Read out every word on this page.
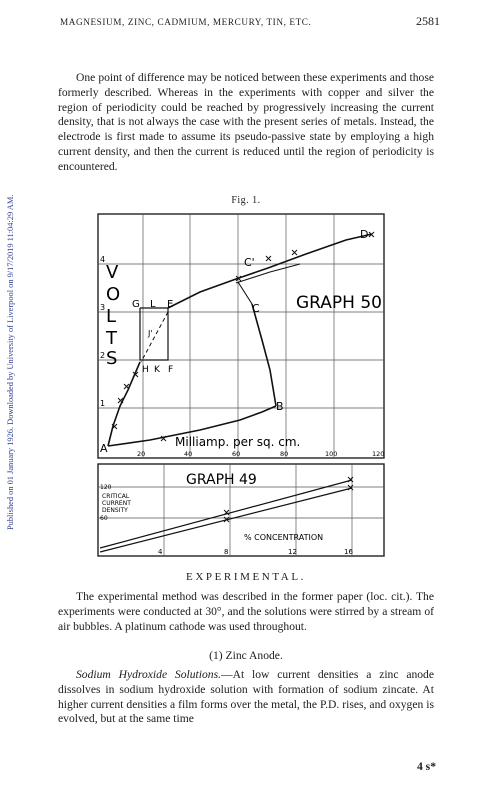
Published on 01 January 1926. Downloaded by University of Liverpool on 9/17/2019 11:04:29 AM.
MAGNESIUM, ZINC, CADMIUM, MERCURY, TIN, ETC.	2581

One point of difference may be noticed between these experiments and those formerly described. Whereas in the experiments with copper and silver the region of periodicity could be reached by progressively increasing the current density, that is not always the case with the present series of metals. Instead, the electrode is first made to assume its pseudo-passive state by employing a high current density, and then the current is reduced until the region of periodicity is encountered.

Fig. 1.
V
O
L
T
S
4
3
2
1
20	40	60	80	100	120
Milliamp. per sq. cm.
GRAPH 50
A
B
C
C'
D
G L E
H K F
J'
GRAPH 49
120
CRITICAL
CURRENT
DENSITY
60
% CONCENTRATION
4	8	12	16
EXPERIMENTAL.

The experimental method was described in the former paper (loc. cit.). The experiments were conducted at 30°, and the solutions were stirred by a stream of air bubbles. A platinum cathode was used throughout.

(1) Zinc Anode.

Sodium Hydroxide Solutions.—At low current densities a zinc anode dissolves in sodium hydroxide solution with formation of sodium zincate. At higher current densities a film forms over the metal, the P.D. rises, and oxygen is evolved, but at the same time

4 s*
